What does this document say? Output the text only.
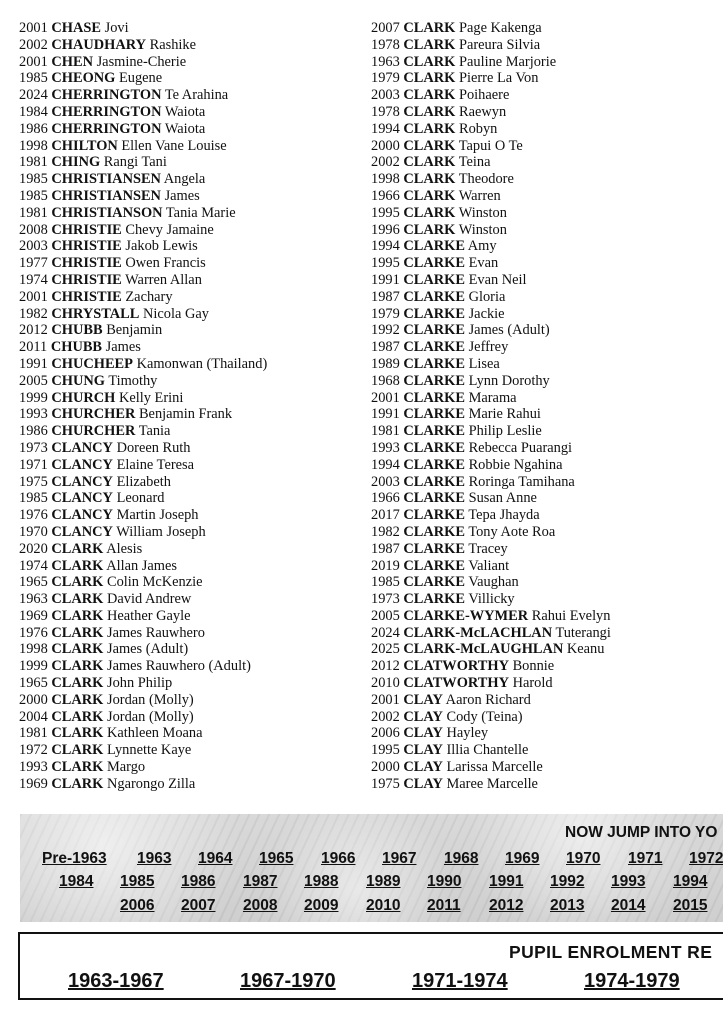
2001 CHASE Jovi
2002 CHAUDHARY Rashike
2001 CHEN Jasmine-Cherie
1985 CHEONG Eugene
2024 CHERRINGTON Te Arahina
1984 CHERRINGTON Waiota
1986 CHERRINGTON Waiota
1998 CHILTON Ellen Vane Louise
1981 CHING Rangi Tani
1985 CHRISTIANSEN Angela
1985 CHRISTIANSEN James
1981 CHRISTIANSON Tania Marie
2008 CHRISTIE Chevy Jamaine
2003 CHRISTIE Jakob Lewis
1977 CHRISTIE Owen Francis
1974 CHRISTIE Warren Allan
2001 CHRISTIE Zachary
1982 CHRYSTALL Nicola Gay
2012 CHUBB Benjamin
2011 CHUBB James
1991 CHUCHEEP Kamonwan (Thailand)
2005 CHUNG Timothy
1999 CHURCH Kelly Erini
1993 CHURCHER Benjamin Frank
1986 CHURCHER Tania
1973 CLANCY Doreen Ruth
1971 CLANCY Elaine Teresa
1975 CLANCY Elizabeth
1985 CLANCY Leonard
1976 CLANCY Martin Joseph
1970 CLANCY William Joseph
2020 CLARK Alesis
1974 CLARK Allan James
1965 CLARK Colin McKenzie
1963 CLARK David Andrew
1969 CLARK Heather Gayle
1976 CLARK James Rauwhero
1998 CLARK James (Adult)
1999 CLARK James Rauwhero (Adult)
1965 CLARK John Philip
2000 CLARK Jordan (Molly)
2004 CLARK Jordan (Molly)
1981 CLARK Kathleen Moana
1972 CLARK Lynnette Kaye
1993 CLARK Margo
1969 CLARK Ngarongo Zilla
2007 CLARK Page Kakenga
1978 CLARK Pareura Silvia
1963 CLARK Pauline Marjorie
1979 CLARK Pierre La Von
2003 CLARK Poihaere
1978 CLARK Raewyn
1994 CLARK Robyn
2000 CLARK Tapui O Te
2002 CLARK Teina
1998 CLARK Theodore
1966 CLARK Warren
1995 CLARK Winston
1996 CLARK Winston
1994 CLARKE Amy
1995 CLARKE Evan
1991 CLARKE Evan Neil
1987 CLARKE Gloria
1979 CLARKE Jackie
1992 CLARKE James (Adult)
1987 CLARKE Jeffrey
1989 CLARKE Lisea
1968 CLARKE Lynn Dorothy
2001 CLARKE Marama
1991 CLARKE Marie Rahui
1981 CLARKE Philip Leslie
1993 CLARKE Rebecca Puarangi
1994 CLARKE Robbie Ngahina
2003 CLARKE Roringa Tamihana
1966 CLARKE Susan Anne
2017 CLARKE Tepa Jhayda
1982 CLARKE Tony Aote Roa
1987 CLARKE Tracey
2019 CLARKE Valiant
1985 CLARKE Vaughan
1973 CLARKE Villicky
2005 CLARKE-WYMER Rahui Evelyn
2024 CLARK-McLACHLAN Tuterangi
2025 CLARK-McLAUGHLAN Keanu
2012 CLATWORTHY Bonnie
2010 CLATWORTHY Harold
2001 CLAY Aaron Richard
2002 CLAY Cody (Teina)
2006 CLAY Hayley
1995 CLAY Illia Chantelle
2000 CLAY Larissa Marcelle
1975 CLAY Maree Marcelle
NOW JUMP INTO YO
Pre-1963 1963 1964 1965 1966 1967 1968 1969 1970 1971 1972
1984 1985 1986 1987 1988 1989 1990 1991 1992 1993 1994
2006 2007 2008 2009 2010 2011 2012 2013 2014 2015
PUPIL ENROLMENT RE
1963-1967	1967-1970	1971-1974	1974-1979
